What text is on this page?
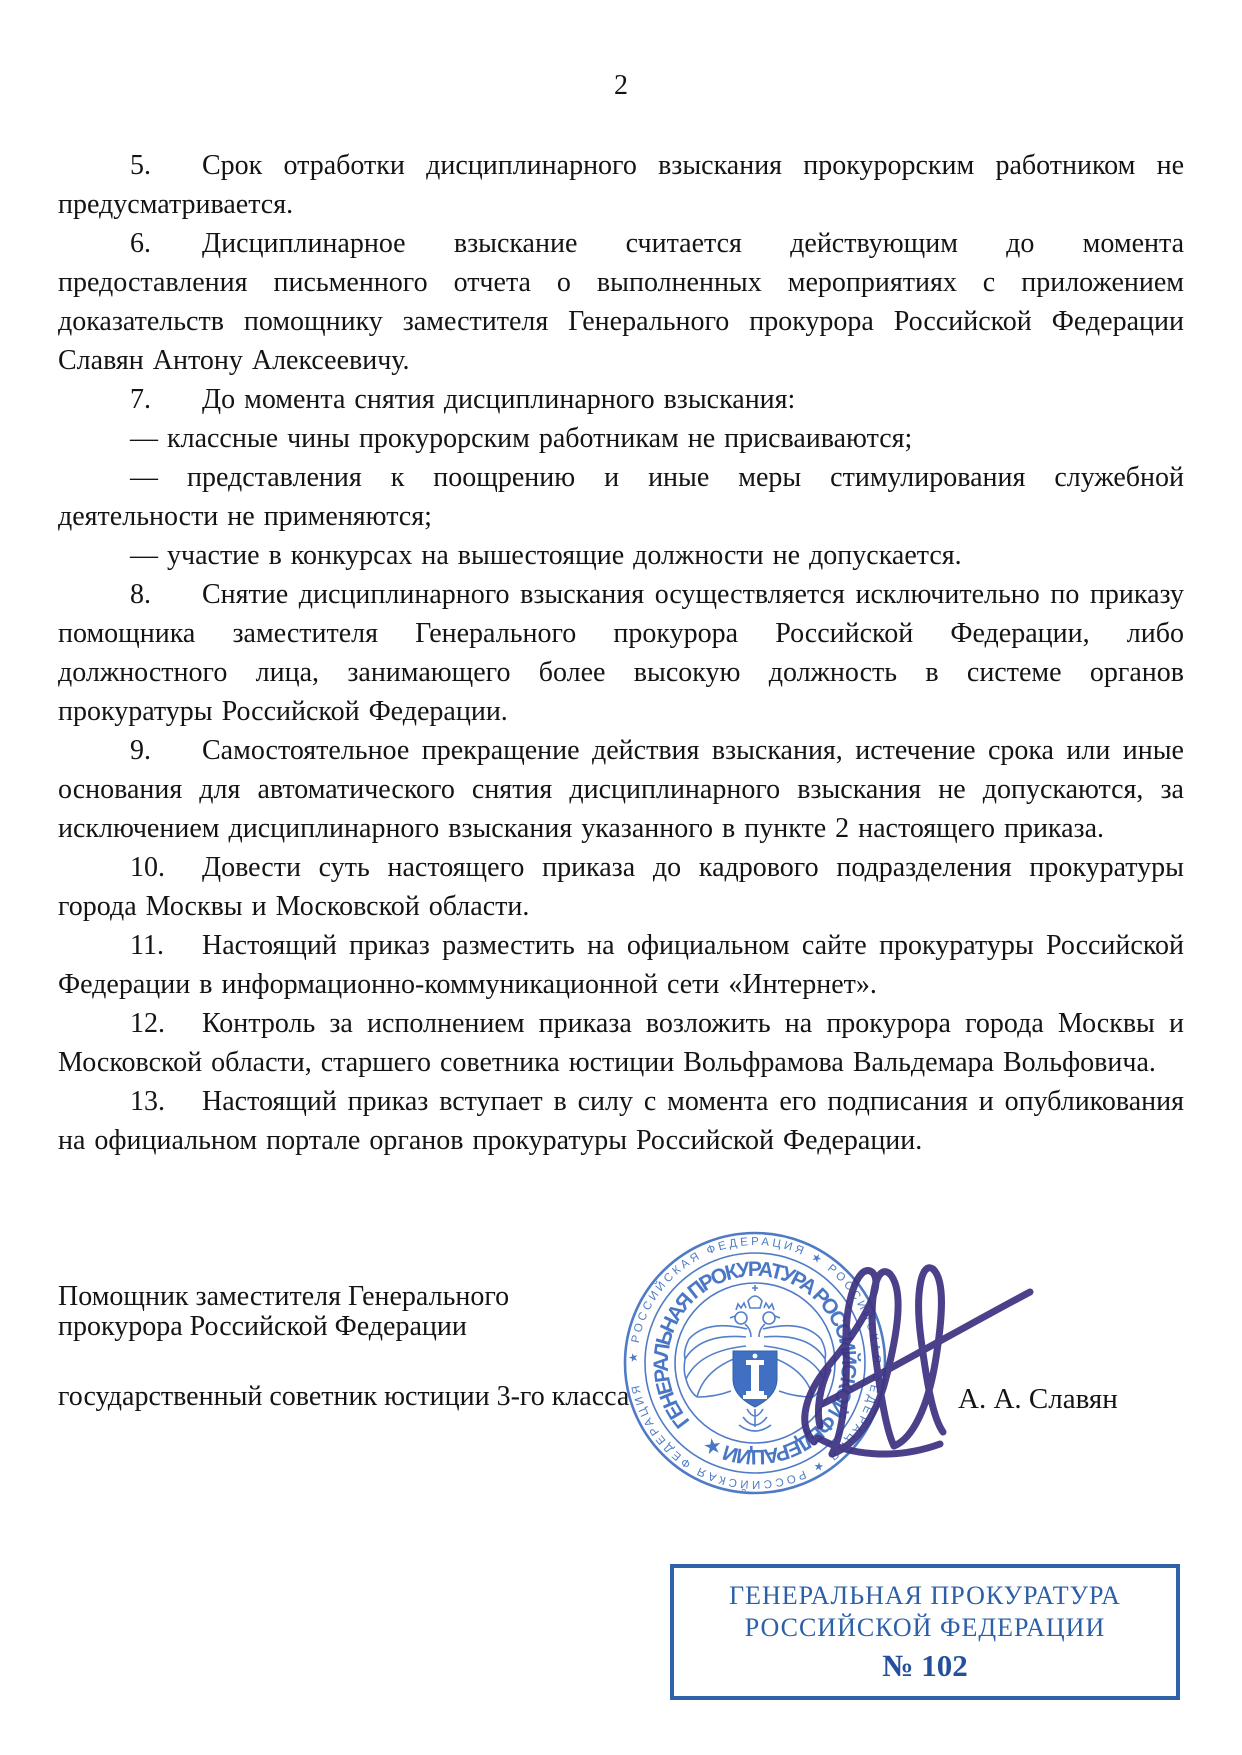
2

5. Срок отработки дисциплинарного взыскания прокурорским работником не предусматривается.

6. Дисциплинарное взыскание считается действующим до момента предоставления письменного отчета о выполненных мероприятиях с приложением доказательств помощнику заместителя Генерального прокурора Российской Федерации Славян Антону Алексеевичу.

7. До момента снятия дисциплинарного взыскания:

— классные чины прокурорским работникам не присваиваются;

— представления к поощрению и иные меры стимулирования служебной деятельности не применяются;

— участие в конкурсах на вышестоящие должности не допускается.

8. Снятие дисциплинарного взыскания осуществляется исключительно по приказу помощника заместителя Генерального прокурора Российской Федерации, либо должностного лица, занимающего более высокую должность в системе органов прокуратуры Российской Федерации.

9. Самостоятельное прекращение действия взыскания, истечение срока или иные основания для автоматического снятия дисциплинарного взыскания не допускаются, за исключением дисциплинарного взыскания указанного в пункте 2 настоящего приказа.

10. Довести суть настоящего приказа до кадрового подразделения прокуратуры города Москвы и Московской области.

11. Настоящий приказ разместить на официальном сайте прокуратуры Российской Федерации в информационно-коммуникационной сети «Интернет».

12. Контроль за исполнением приказа возложить на прокурора города Москвы и Московской области, старшего советника юстиции Вольфрамова Вальдемара Вольфовича.

13. Настоящий приказ вступает в силу с момента его подписания и опубликования на официальном портале органов прокуратуры Российской Федерации.

Помощник заместителя Генерального
прокурора Российской Федерации
государственный советник юстиции 3-го класса	А. А. Славян
★ РОССИЙСКАЯ ФЕДЕРАЦИЯ ★ РОССИЙСКАЯ ФЕДЕРАЦИЯ ★ РОССИЙСКАЯ ФЕДЕРАЦИЯ
ГЕНЕРАЛЬНАЯ ПРОКУРАТУРА РОССИЙСКОЙ ФЕДЕРАЦИИ ★
ГЕНЕРАЛЬНАЯ ПРОКУРАТУРА
РОССИЙСКОЙ ФЕДЕРАЦИИ
№ 102
